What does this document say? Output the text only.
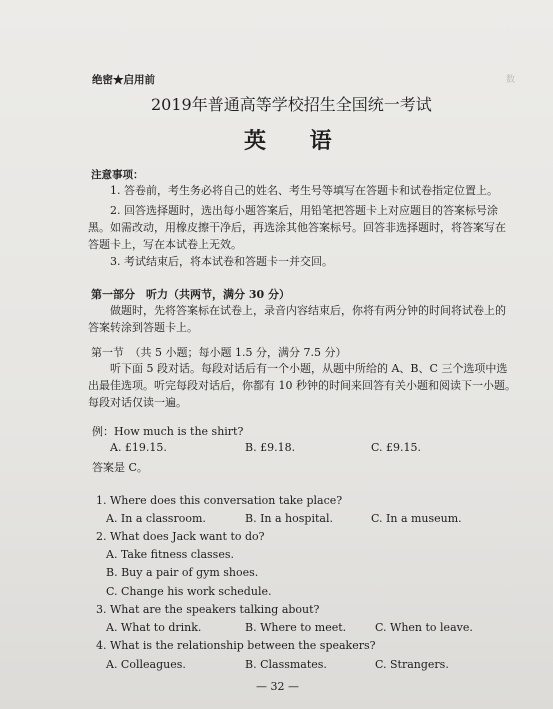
数
绝密★启用前
2019年普通高等学校招生全国统一考试
英 语
注意事项：
1. 答卷前，考生务必将自己的姓名、考生号等填写在答题卡和试卷指定位置上。
2. 回答选择题时，选出每小题答案后，用铅笔把答题卡上对应题目的答案标号涂
黑。如需改动，用橡皮擦干净后，再选涂其他答案标号。回答非选择题时，将答案写在
答题卡上，写在本试卷上无效。
3. 考试结束后，将本试卷和答题卡一并交回。
第一部分　听力（共两节，满分 30 分）
做题时，先将答案标在试卷上，录音内容结束后，你将有两分钟的时间将试卷上的
答案转涂到答题卡上。
第一节　（共 5 小题；每小题 1.5 分，满分 7.5 分）
听下面 5 段对话。每段对话后有一个小题，从题中所给的 A、B、C 三个选项中选
出最佳选项。听完每段对话后，你都有 10 秒钟的时间来回答有关小题和阅读下一小题。
每段对话仅读一遍。
例：How much is the shirt?
A. £19.15.	B. £9.18.	C. £9.15.
答案是 C。
1. Where does this conversation take place?
A. In a classroom.	B. In a hospital.	C. In a museum.
2. What does Jack want to do?
A. Take fitness classes.
B. Buy a pair of gym shoes.
C. Change his work schedule.
3. What are the speakers talking about?
A. What to drink.	B. Where to meet.	C. When to leave.
4. What is the relationship between the speakers?
A. Colleagues.	B. Classmates.	C. Strangers.
— 32 —
